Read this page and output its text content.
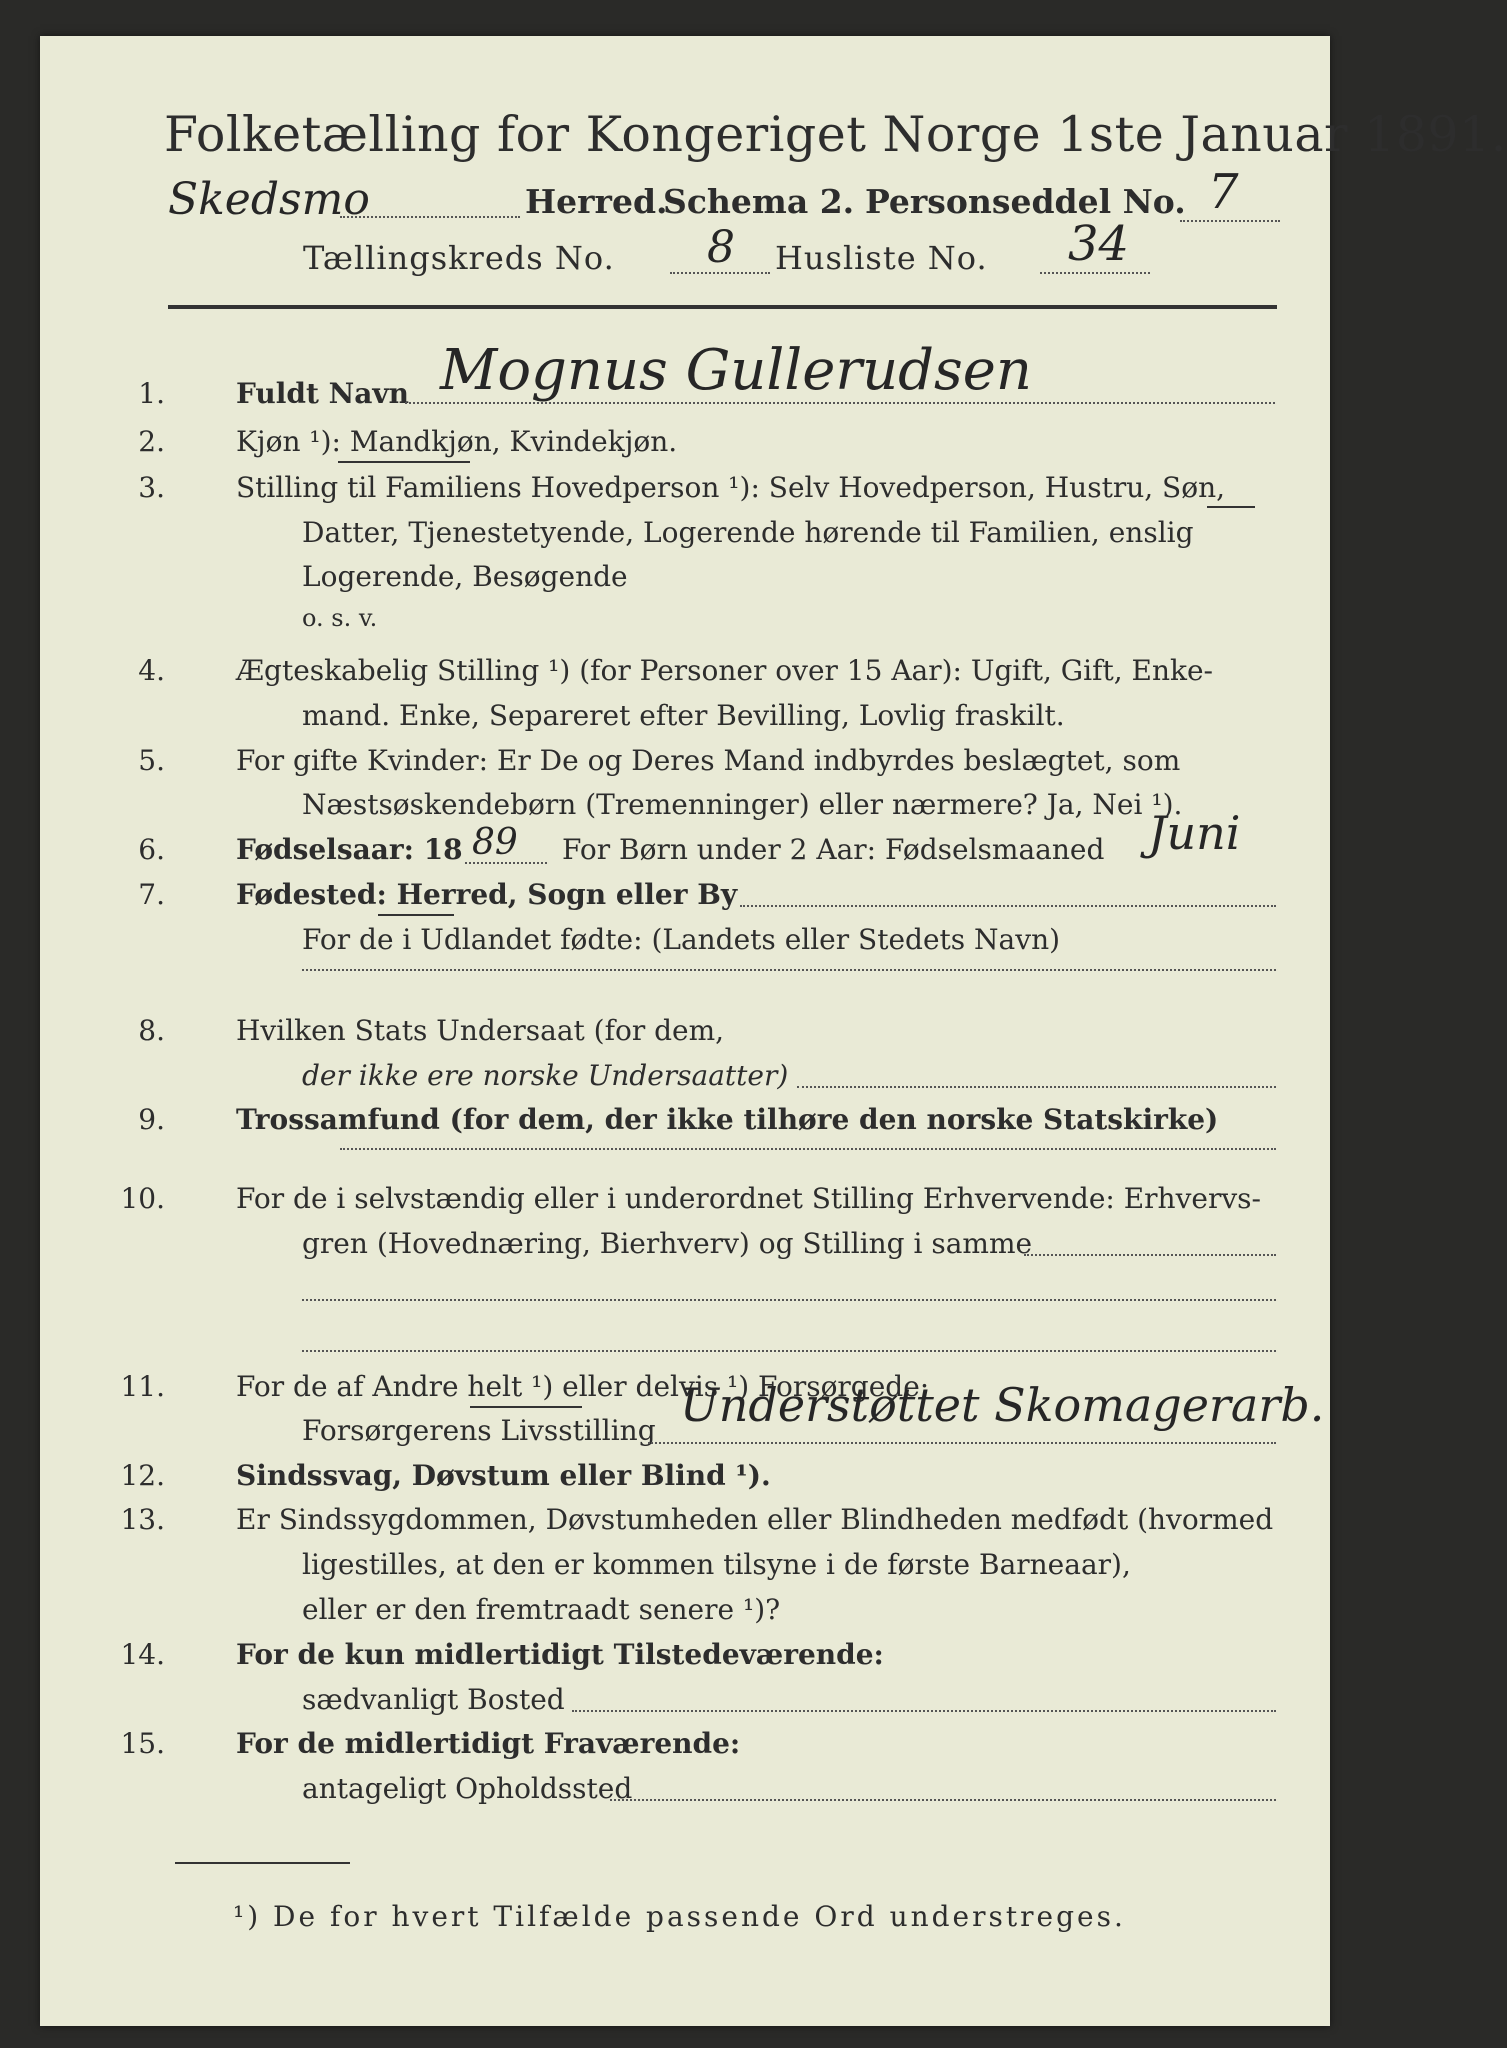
Folketælling for Kongeriget Norge 1ste Januar 1891.
Skedsmo	Herred.
Schema 2. Personseddel No. 7
Tællingskreds No. 8 Husliste No. 34
1.	Fuldt Navn Mognus Gullerudsen
2.	Kjøn ¹): Mandkjøn, Kvindekjøn.
3.	Stilling til Familiens Hovedperson ¹): Selv Hovedperson, Hustru, Søn,
Datter, Tjenestetyende, Logerende hørende til Familien, enslig
Logerende, Besøgende
o. s. v.
4.	Ægteskabelig Stilling ¹) (for Personer over 15 Aar): Ugift, Gift, Enke-
mand. Enke, Separeret efter Bevilling, Lovlig fraskilt.
5.	For gifte Kvinder: Er De og Deres Mand indbyrdes beslægtet, som
Næstsøskendebørn (Tremenninger) eller nærmere? Ja, Nei ¹).
6.	Fødselsaar: 18 89 For Børn under 2 Aar: Fødselsmaaned Juni
7.	Fødested: Herred, Sogn eller By
For de i Udlandet fødte: (Landets eller Stedets Navn)
8.	Hvilken Stats Undersaat (for dem,
der ikke ere norske Undersaatter)
9.	Trossamfund (for dem, der ikke tilhøre den norske Statskirke)
10.	For de i selvstændig eller i underordnet Stilling Erhvervende: Erhvervs-
gren (Hovednæring, Bierhverv) og Stilling i samme
11.	For de af Andre helt ¹) eller delvis ¹) Forsørgede:
Forsørgerens Livsstilling Understøttet Skomagerarb.
12.	Sindssvag, Døvstum eller Blind ¹).
13.	Er Sindssygdommen, Døvstumheden eller Blindheden medfødt (hvormed
ligestilles, at den er kommen tilsyne i de første Barneaar),
eller er den fremtraadt senere ¹)?
14.	For de kun midlertidigt Tilstedeværende:
sædvanligt Bosted
15.	For de midlertidigt Fraværende:
antageligt Opholdssted
¹) De for hvert Tilfælde passende Ord understreges.
